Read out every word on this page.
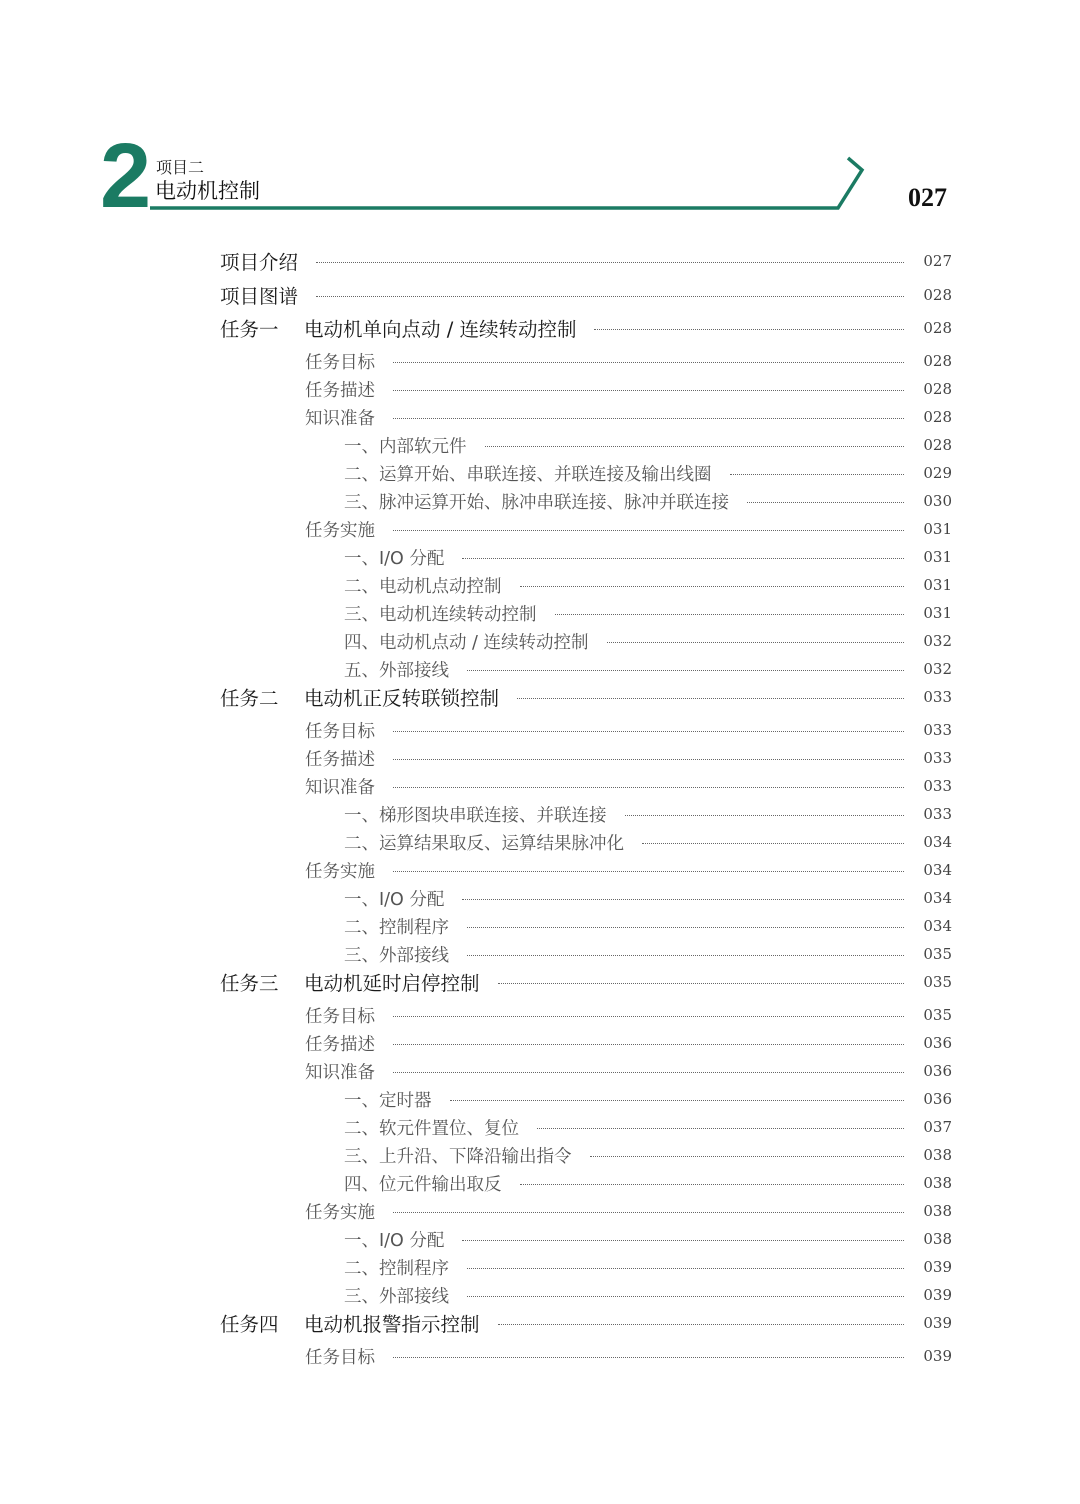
2 项目二
电动机控制	027
项目介绍	027
项目图谱	028
任务一 电动机单向点动 / 连续转动控制	028
任务目标	028
任务描述	028
知识准备	028
一、内部软元件	028
二、运算开始、串联连接、并联连接及输出线圈	029
三、脉冲运算开始、脉冲串联连接、脉冲并联连接	030
任务实施	031
一、I/O 分配	031
二、电动机点动控制	031
三、电动机连续转动控制	031
四、电动机点动 / 连续转动控制	032
五、外部接线	032
任务二 电动机正反转联锁控制	033
任务目标	033
任务描述	033
知识准备	033
一、梯形图块串联连接、并联连接	033
二、运算结果取反、运算结果脉冲化	034
任务实施	034
一、I/O 分配	034
二、控制程序	034
三、外部接线	035
任务三 电动机延时启停控制	035
任务目标	035
任务描述	036
知识准备	036
一、定时器	036
二、软元件置位、复位	037
三、上升沿、下降沿输出指令	038
四、位元件输出取反	038
任务实施	038
一、I/O 分配	038
二、控制程序	039
三、外部接线	039
任务四 电动机报警指示控制	039
任务目标	039
